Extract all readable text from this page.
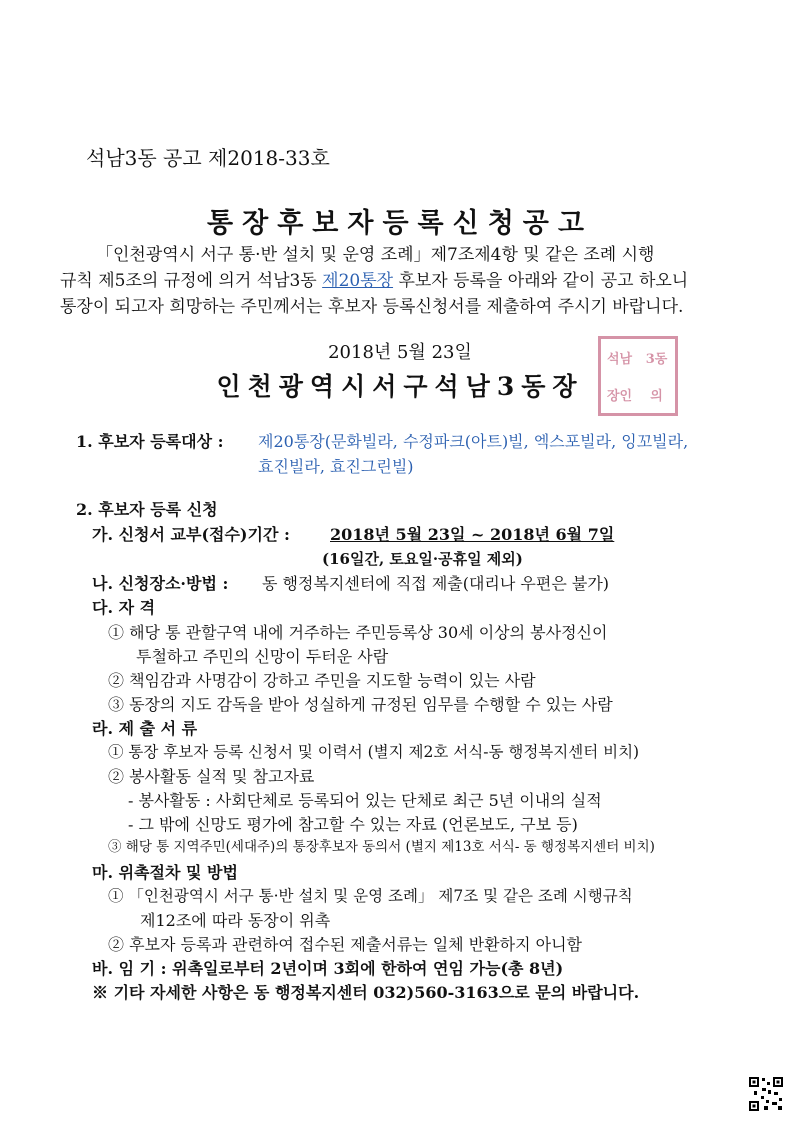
석남3동 공고 제2018-33호
통장후보자등록신청공고
「인천광역시 서구 통·반 설치 및 운영 조례」제7조제4항 및 같은 조례 시행
규칙 제5조의 규정에 의거 석남3동 제20통장 후보자 등록을 아래와 같이 공고 하오니
통장이 되고자 희망하는 주민께서는 후보자 등록신청서를 제출하여 주시기 바랍니다.
2018년 5월 23일
인천광역시서구석남3동장
석남	3동
장인	의
1. 후보자 등록대상 : 제20통장(문화빌라, 수정파크(아트)빌, 엑스포빌라, 잉꼬빌라,
효진빌라, 효진그린빌)
2. 후보자 등록 신청
가. 신청서 교부(접수)기간 :	2018년 5월 23일 ~ 2018년 6월 7일
(16일간, 토요일·공휴일 제외)
나. 신청장소·방법 : 동 행정복지센터에 직접 제출(대리나 우편은 불가)
다. 자 격
① 해당 통 관할구역 내에 거주하는 주민등록상 30세 이상의 봉사정신이
투철하고 주민의 신망이 두터운 사람
② 책임감과 사명감이 강하고 주민을 지도할 능력이 있는 사람
③ 동장의 지도 감독을 받아 성실하게 규정된 임무를 수행할 수 있는 사람
라. 제 출 서 류
① 통장 후보자 등록 신청서 및 이력서 (별지 제2호 서식-동 행정복지센터 비치)
② 봉사활동 실적 및 참고자료
- 봉사활동 : 사회단체로 등록되어 있는 단체로 최근 5년 이내의 실적
- 그 밖에 신망도 평가에 참고할 수 있는 자료 (언론보도, 구보 등)
③ 해당 통 지역주민(세대주)의 통장후보자 동의서 (별지 제13호 서식- 동 행정복지센터 비치)
마. 위촉절차 및 방법
① 「인천광역시 서구 통·반 설치 및 운영 조례」 제7조 및 같은 조례 시행규칙
제12조에 따라 동장이 위촉
② 후보자 등록과 관련하여 접수된 제출서류는 일체 반환하지 아니함
바. 임 기 : 위촉일로부터 2년이며 3회에 한하여 연임 가능(총 8년)
※ 기타 자세한 사항은 동 행정복지센터 032)560-3163으로 문의 바랍니다.
